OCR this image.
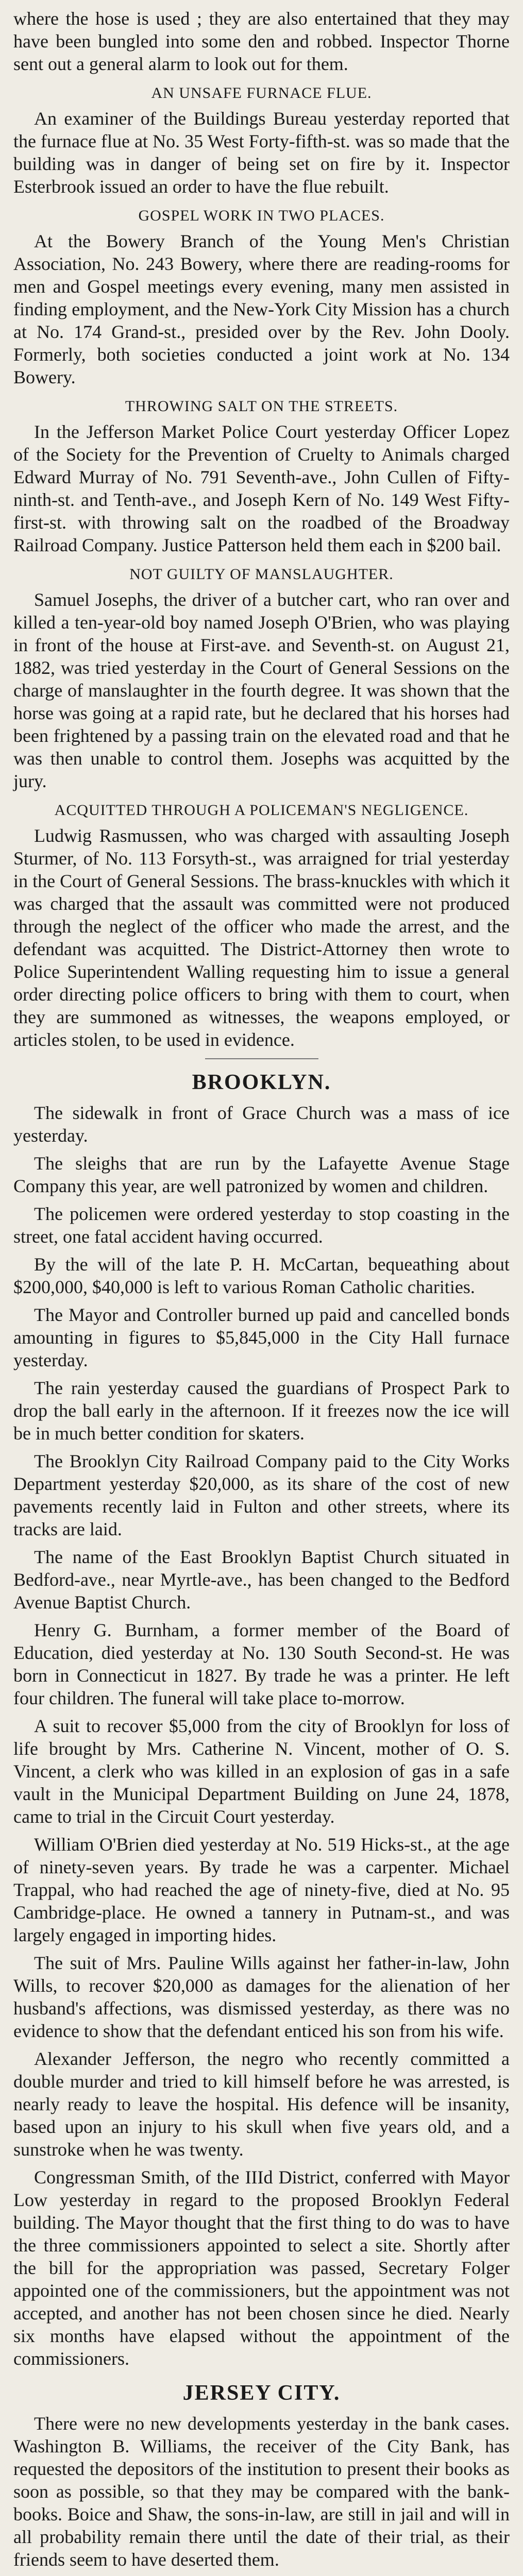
where the hose is used ; they are also entertained that they may have been bungled into some den and robbed. Inspector Thorne sent out a general alarm to look out for them.

AN UNSAFE FURNACE FLUE.

An examiner of the Buildings Bureau yesterday reported that the furnace flue at No. 35 West Forty-fifth-st. was so made that the building was in danger of being set on fire by it. Inspector Esterbrook issued an order to have the flue rebuilt.

GOSPEL WORK IN TWO PLACES.

At the Bowery Branch of the Young Men's Christian Association, No. 243 Bowery, where there are reading-rooms for men and Gospel meetings every evening, many men assisted in finding employment, and the New-York City Mission has a church at No. 174 Grand-st., presided over by the Rev. John Dooly. Formerly, both societies conducted a joint work at No. 134 Bowery.

THROWING SALT ON THE STREETS.

In the Jefferson Market Police Court yesterday Officer Lopez of the Society for the Prevention of Cruelty to Animals charged Edward Murray of No. 791 Seventh-ave., John Cullen of Fifty-ninth-st. and Tenth-ave., and Joseph Kern of No. 149 West Fifty-first-st. with throwing salt on the roadbed of the Broadway Railroad Company. Justice Patterson held them each in $200 bail.

NOT GUILTY OF MANSLAUGHTER.

Samuel Josephs, the driver of a butcher cart, who ran over and killed a ten-year-old boy named Joseph O'Brien, who was playing in front of the house at First-ave. and Seventh-st. on August 21, 1882, was tried yesterday in the Court of General Sessions on the charge of manslaughter in the fourth degree. It was shown that the horse was going at a rapid rate, but he declared that his horses had been frightened by a passing train on the elevated road and that he was then unable to control them. Josephs was acquitted by the jury.

ACQUITTED THROUGH A POLICEMAN'S NEGLIGENCE.

Ludwig Rasmussen, who was charged with assaulting Joseph Sturmer, of No. 113 Forsyth-st., was arraigned for trial yesterday in the Court of General Sessions. The brass-knuckles with which it was charged that the assault was committed were not produced through the neglect of the officer who made the arrest, and the defendant was acquitted. The District-Attorney then wrote to Police Superintendent Walling requesting him to issue a general order directing police officers to bring with them to court, when they are summoned as witnesses, the weapons employed, or articles stolen, to be used in evidence.

BROOKLYN.

The sidewalk in front of Grace Church was a mass of ice yesterday.

The sleighs that are run by the Lafayette Avenue Stage Company this year, are well patronized by women and children.

The policemen were ordered yesterday to stop coasting in the street, one fatal accident having occurred.

By the will of the late P. H. McCartan, bequeathing about $200,000, $40,000 is left to various Roman Catholic charities.

The Mayor and Controller burned up paid and cancelled bonds amounting in figures to $5,845,000 in the City Hall furnace yesterday.

The rain yesterday caused the guardians of Prospect Park to drop the ball early in the afternoon. If it freezes now the ice will be in much better condition for skaters.

The Brooklyn City Railroad Company paid to the City Works Department yesterday $20,000, as its share of the cost of new pavements recently laid in Fulton and other streets, where its tracks are laid.

The name of the East Brooklyn Baptist Church situated in Bedford-ave., near Myrtle-ave., has been changed to the Bedford Avenue Baptist Church.

Henry G. Burnham, a former member of the Board of Education, died yesterday at No. 130 South Second-st. He was born in Connecticut in 1827. By trade he was a printer. He left four children. The funeral will take place to-morrow.

A suit to recover $5,000 from the city of Brooklyn for loss of life brought by Mrs. Catherine N. Vincent, mother of O. S. Vincent, a clerk who was killed in an explosion of gas in a safe vault in the Municipal Department Building on June 24, 1878, came to trial in the Circuit Court yesterday.

William O'Brien died yesterday at No. 519 Hicks-st., at the age of ninety-seven years. By trade he was a carpenter. Michael Trappal, who had reached the age of ninety-five, died at No. 95 Cambridge-place. He owned a tannery in Putnam-st., and was largely engaged in importing hides.

The suit of Mrs. Pauline Wills against her father-in-law, John Wills, to recover $20,000 as damages for the alienation of her husband's affections, was dismissed yesterday, as there was no evidence to show that the defendant enticed his son from his wife.

Alexander Jefferson, the negro who recently committed a double murder and tried to kill himself before he was arrested, is nearly ready to leave the hospital. His defence will be insanity, based upon an injury to his skull when five years old, and a sunstroke when he was twenty.

Congressman Smith, of the IIId District, conferred with Mayor Low yesterday in regard to the proposed Brooklyn Federal building. The Mayor thought that the first thing to do was to have the three commissioners appointed to select a site. Shortly after the bill for the appropriation was passed, Secretary Folger appointed one of the commissioners, but the appointment was not accepted, and another has not been chosen since he died. Nearly six months have elapsed without the appointment of the commissioners.

JERSEY CITY.

There were no new developments yesterday in the bank cases. Washington B. Williams, the receiver of the City Bank, has requested the depositors of the institution to present their books as soon as possible, so that they may be compared with the bank-books. Boice and Shaw, the sons-in-law, are still in jail and will in all probability remain there until the date of their trial, as their friends seem to have deserted them.
